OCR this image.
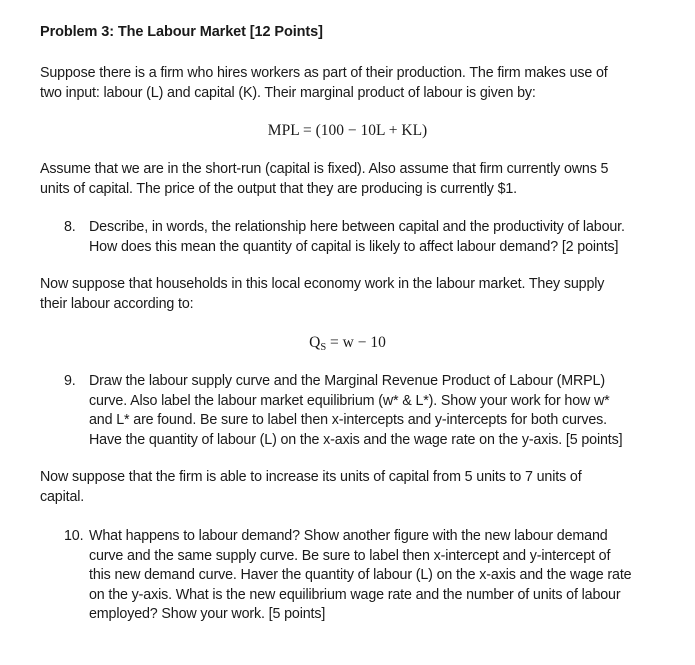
Problem 3: The Labour Market [12 Points]
Suppose there is a firm who hires workers as part of their production. The firm makes use of
two input: labour (L) and capital (K). Their marginal product of labour is given by:
MPL = (100 − 10L + KL)
Assume that we are in the short-run (capital is fixed). Also assume that firm currently owns 5
units of capital. The price of the output that they are producing is currently $1.
8. Describe, in words, the relationship here between capital and the productivity of labour.
How does this mean the quantity of capital is likely to affect labour demand? [2 points]
Now suppose that households in this local economy work in the labour market. They supply
their labour according to:
$Q_S = w - 10$
9. Draw the labour supply curve and the Marginal Revenue Product of Labour (MRPL)
curve. Also label the labour market equilibrium (w* & L*). Show your work for how w*
and L* are found. Be sure to label then x-intercepts and y-intercepts for both curves.
Have the quantity of labour (L) on the x-axis and the wage rate on the y-axis. [5 points]
Now suppose that the firm is able to increase its units of capital from 5 units to 7 units of
capital.
10. What happens to labour demand? Show another figure with the new labour demand
curve and the same supply curve. Be sure to label then x-intercept and y-intercept of
this new demand curve. Haver the quantity of labour (L) on the x-axis and the wage rate
on the y-axis. What is the new equilibrium wage rate and the number of units of labour
employed? Show your work. [5 points]
